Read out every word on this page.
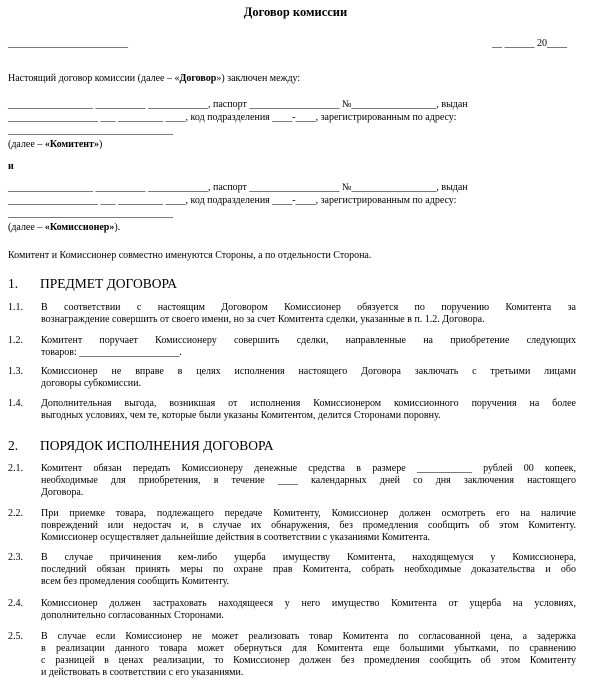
Договор комиссии
________________________	__ ______ 20____
Настоящий договор комиссии (далее – «Договор») заключен между:
_________________ __________ ____________, паспорт __________________ №_________________, выдан
__________________ ___ _________ ____, код подразделения ____-____, зарегистрированным по адресу:
_________________________________
(далее – «Комитент»)
и
_________________ __________ ____________, паспорт __________________ №_________________, выдан
__________________ ___ _________ ____, код подразделения ____-____, зарегистрированным по адресу:
_________________________________
(далее – «Комиссионер»).
Комитент и Комиссионер совместно именуются Стороны, а по отдельности Сторона.
1. ПРЕДМЕТ ДОГОВОРА
1.1. В соответствии с настоящим Договором Комиссионер обязуется по поручению Комитента за
вознаграждение совершить от своего имени, но за счет Комитента сделки, указанные в п. 1.2. Договора.
1.2. Комитент поручает Комиссионеру совершить сделки, направленные на приобретение следующих
товаров: ____________________.
1.3. Комиссионер не вправе в целях исполнения настоящего Договора заключать с третьими лицами
договоры субкомиссии.
1.4. Дополнительная выгода, возникшая от исполнения Комиссионером комиссионного поручения на более
выгодных условиях, чем те, которые были указаны Комитентом, делится Сторонами поровну.
2. ПОРЯДОК ИСПОЛНЕНИЯ ДОГОВОРА
2.1. Комитент обязан передать Комиссионеру денежные средства в размере ___________ рублей 00 копеек,
необходимые для приобретения, в течение ____ календарных дней со дня заключения настоящего
Договора.
2.2. При приемке товара, подлежащего передаче Комитенту, Комиссионер должен осмотреть его на наличие
повреждений или недостач и, в случае их обнаружения, без промедления сообщить об этом Комитенту.
Комиссионер осуществляет дальнейшие действия в соответствии с указаниями Комитента.
2.3. В случае причинения кем-либо ущерба имуществу Комитента, находящемуся у Комиссионера,
последний обязан принять меры по охране прав Комитента, собрать необходимые доказательства и обо
всем без промедления сообщить Комитенту.
2.4. Комиссионер должен застраховать находящееся у него имущество Комитента от ущерба на условиях,
дополнительно согласованных Сторонами.
2.5. В случае если Комиссионер не может реализовать товар Комитента по согласованной цена, а задержка
в реализации данного товара может обернуться для Комитента еще большими убытками, по сравнению
с разницей в ценах реализации, то Комиссионер должен без промедления сообщить об этом Комитенту
и действовать в соответствии с его указаниями.
